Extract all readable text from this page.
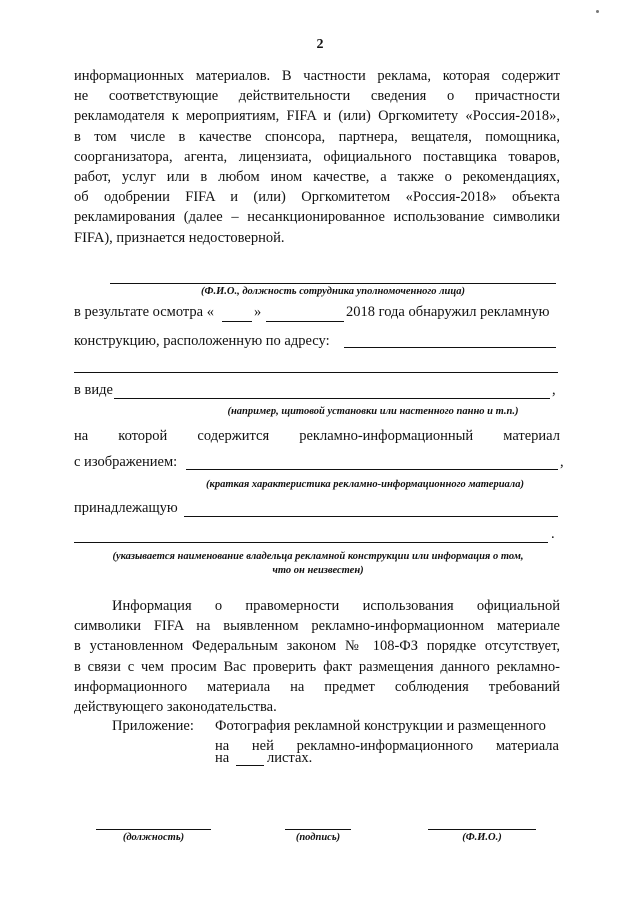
2
информационных материалов. В частности реклама, которая содержит
не соответствующие действительности сведения о причастности
рекламодателя к мероприятиям, FIFA и (или) Оргкомитету «Россия-2018»,
в том числе в качестве спонсора, партнера, вещателя, помощника,
соорганизатора, агента, лицензиата, официального поставщика товаров,
работ, услуг или в любом ином качестве, а также о рекомендациях,
об одобрении FIFA и (или) Оргкомитетом «Россия-2018» объекта
рекламирования (далее – несанкционированное использование символики
FIFA), признается недостоверной.
(Ф.И.О., должность сотрудника уполномоченного лица)
в результате осмотра «	»	2018 года обнаружил рекламную
конструкцию, расположенную по адресу:
в виде	,
(например, щитовой установки или настенного панно и т.п.)
на которой содержится рекламно-информационный материал
с изображением:	,
(краткая характеристика рекламно-информационного материала)
принадлежащую
.
(указывается наименование владельца рекламной конструкции или информация о том,
что он неизвестен)
Информация о правомерности использования официальной
символики FIFA на выявленном рекламно-информационном материале
в установленном Федеральным законом № 108-ФЗ порядке отсутствует,
в связи с чем просим Вас проверить факт размещения данного рекламно-
информационного материала на предмет соблюдения требований
действующего законодательства.
Приложение: Фотография рекламной конструкции и размещенного
на ней рекламно-информационного материала
на	листах.
(должность)	(подпись)	(Ф.И.О.)
